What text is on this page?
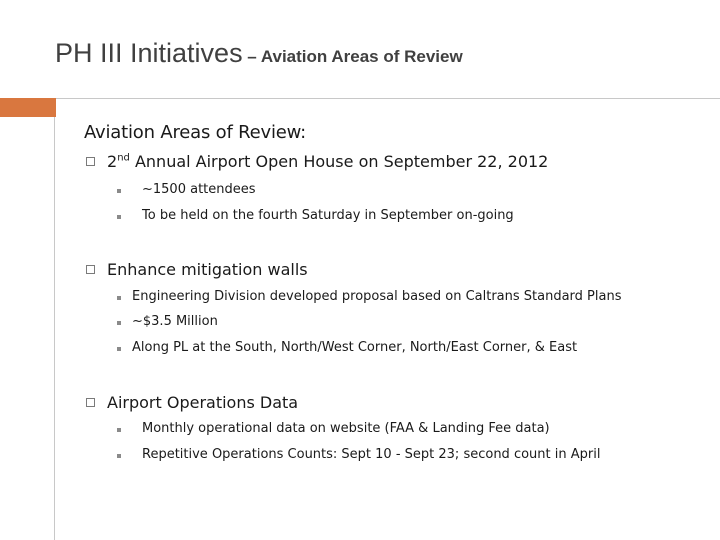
PH III Initiatives – Aviation Areas of Review
Aviation Areas of Review:
2nd Annual Airport Open House on September 22, 2012
~1500 attendees
To be held on the fourth Saturday in September on-going
Enhance mitigation walls
Engineering Division developed proposal based on Caltrans Standard Plans
~$3.5 Million
Along PL at the South, North/West Corner, North/East Corner, & East
Airport Operations Data
Monthly operational data on website (FAA & Landing Fee data)
Repetitive Operations Counts: Sept 10 - Sept 23; second count in April
